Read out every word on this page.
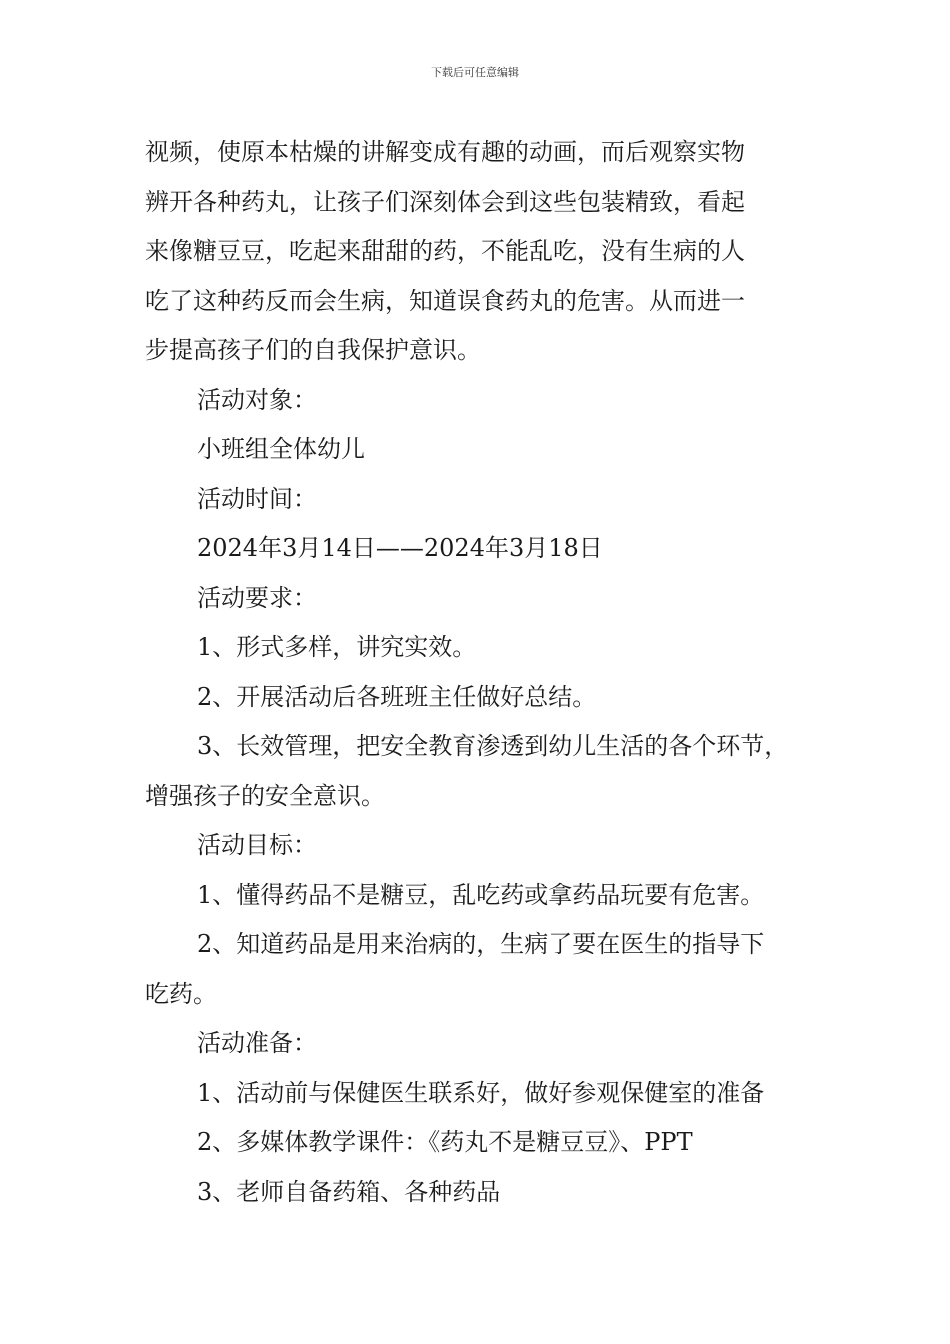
下载后可任意编辑
视频，使原本枯燥的讲解变成有趣的动画，而后观察实物
辨开各种药丸，让孩子们深刻体会到这些包装精致，看起
来像糖豆豆，吃起来甜甜的药，不能乱吃，没有生病的人
吃了这种药反而会生病，知道误食药丸的危害。从而进一
步提高孩子们的自我保护意识。
活动对象：
小班组全体幼儿
活动时间：
2024年3月14日——2024年3月18日
活动要求：
1、形式多样，讲究实效。
2、开展活动后各班班主任做好总结。
3、长效管理，把安全教育渗透到幼儿生活的各个环节，
增强孩子的安全意识。
活动目标：
1、懂得药品不是糖豆，乱吃药或拿药品玩要有危害。
2、知道药品是用来治病的，生病了要在医生的指导下
吃药。
活动准备：
1、活动前与保健医生联系好，做好参观保健室的准备
2、多媒体教学课件：《药丸不是糖豆豆》、PPT
3、老师自备药箱、各种药品
